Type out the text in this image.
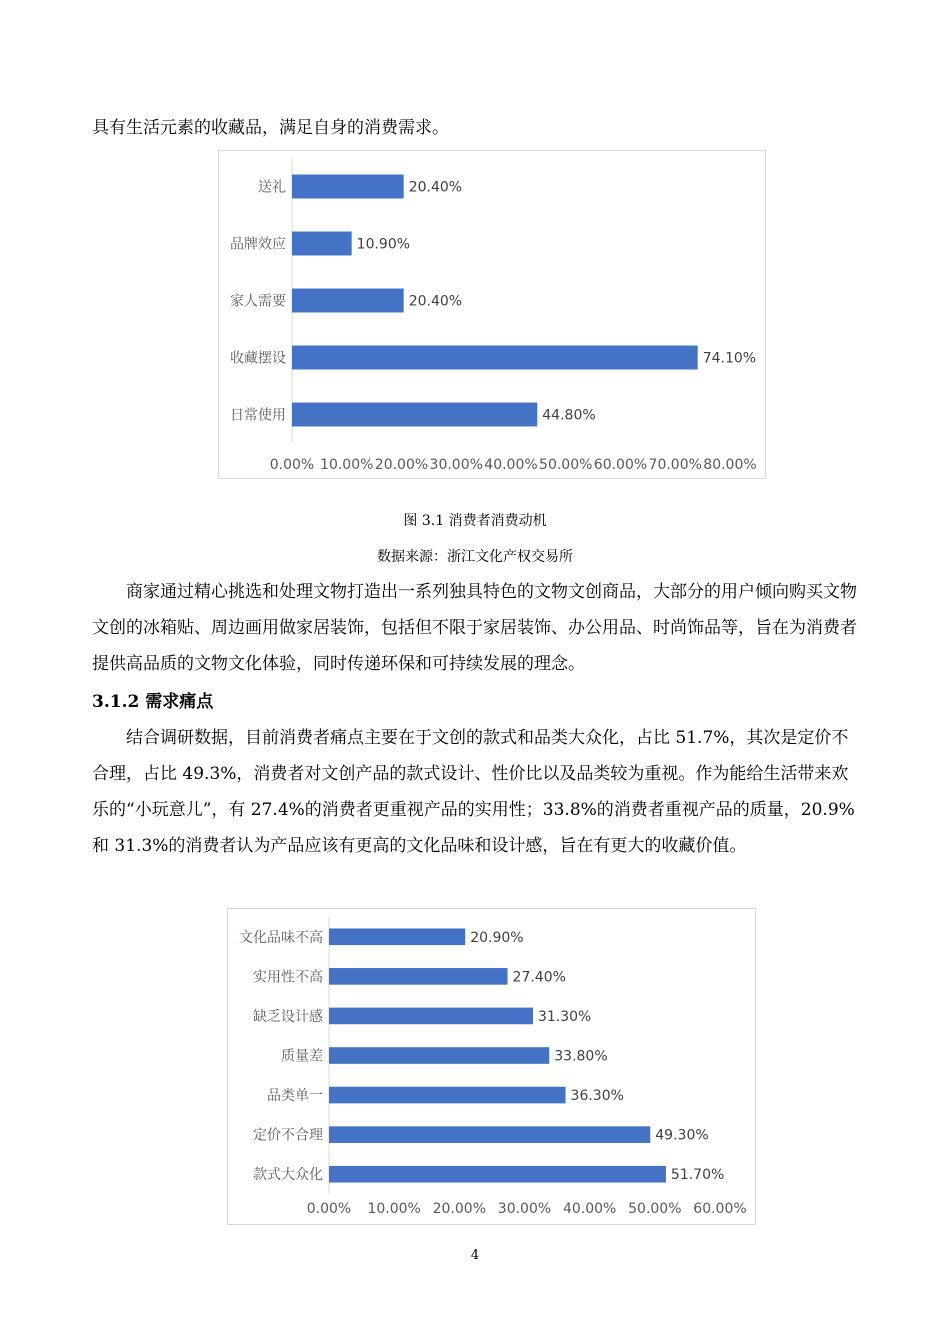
具有生活元素的收藏品，满足自身的消费需求。

送礼	20.40%
品牌效应	10.90%
家人需要	20.40%
收藏摆设	74.10%
日常使用	44.80%
0.00% 10.00% 20.00% 30.00% 40.00% 50.00% 60.00% 70.00% 80.00%

图 3.1 消费者消费动机

数据来源：浙江文化产权交易所

商家通过精心挑选和处理文物打造出一系列独具特色的文物文创商品，大部分的用户倾向购买文物文创的冰箱贴、周边画用做家居装饰，包括但不限于家居装饰、办公用品、时尚饰品等，旨在为消费者提供高品质的文物文化体验，同时传递环保和可持续发展的理念。

3.1.2 需求痛点

结合调研数据，目前消费者痛点主要在于文创的款式和品类大众化，占比 51.7%，其次是定价不合理，占比 49.3%，消费者对文创产品的款式设计、性价比以及品类较为重视。作为能给生活带来欢乐的“小玩意儿”，有 27.4%的消费者更重视产品的实用性；33.8%的消费者重视产品的质量，20.9%和 31.3%的消费者认为产品应该有更高的文化品味和设计感，旨在有更大的收藏价值。

文化品味不高	20.90%
实用性不高	27.40%
缺乏设计感	31.30%
质量差	33.80%
品类单一	36.30%
定价不合理	49.30%
款式大众化	51.70%
0.00% 10.00% 20.00% 30.00% 40.00% 50.00% 60.00%
4
